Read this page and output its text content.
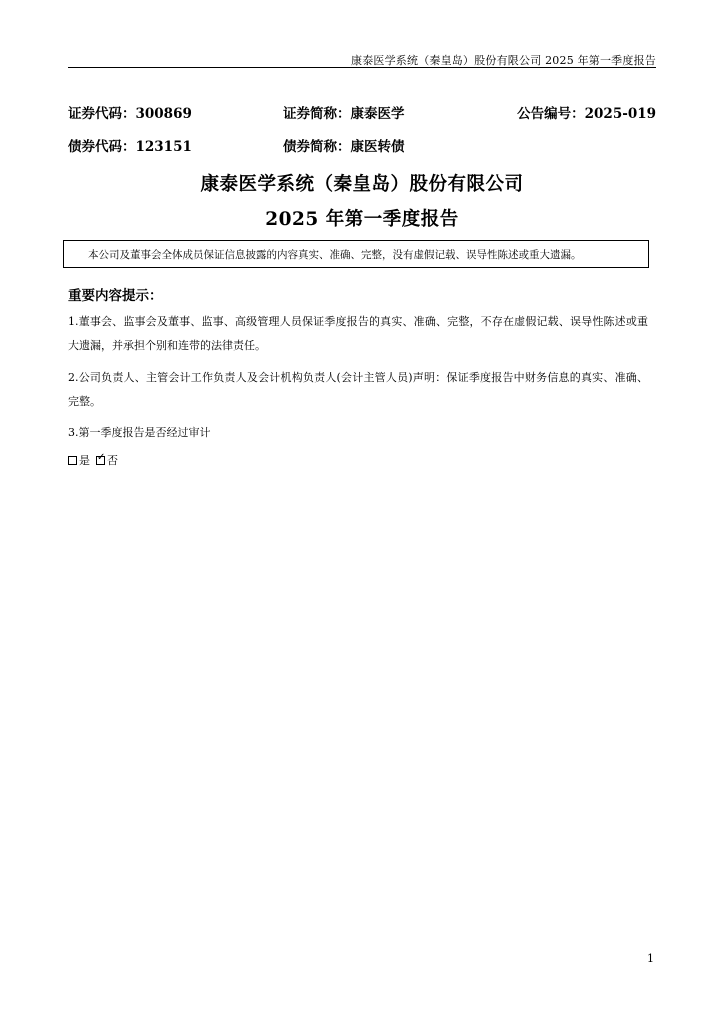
康泰医学系统（秦皇岛）股份有限公司 2025 年第一季度报告
证券代码：300869	证券简称：康泰医学	公告编号：2025-019
债券代码：123151	债券简称：康医转债
康泰医学系统（秦皇岛）股份有限公司
2025 年第一季度报告
本公司及董事会全体成员保证信息披露的内容真实、准确、完整，没有虚假记载、误导性陈述或重大遗漏。
重要内容提示：
1.董事会、监事会及董事、监事、高级管理人员保证季度报告的真实、准确、完整，不存在虚假记载、误导性陈述或重大遗漏，并承担个别和连带的法律责任。
2.公司负责人、主管会计工作负责人及会计机构负责人(会计主管人员)声明：保证季度报告中财务信息的真实、准确、完整。
3.第一季度报告是否经过审计
是 ✓ 否
1
